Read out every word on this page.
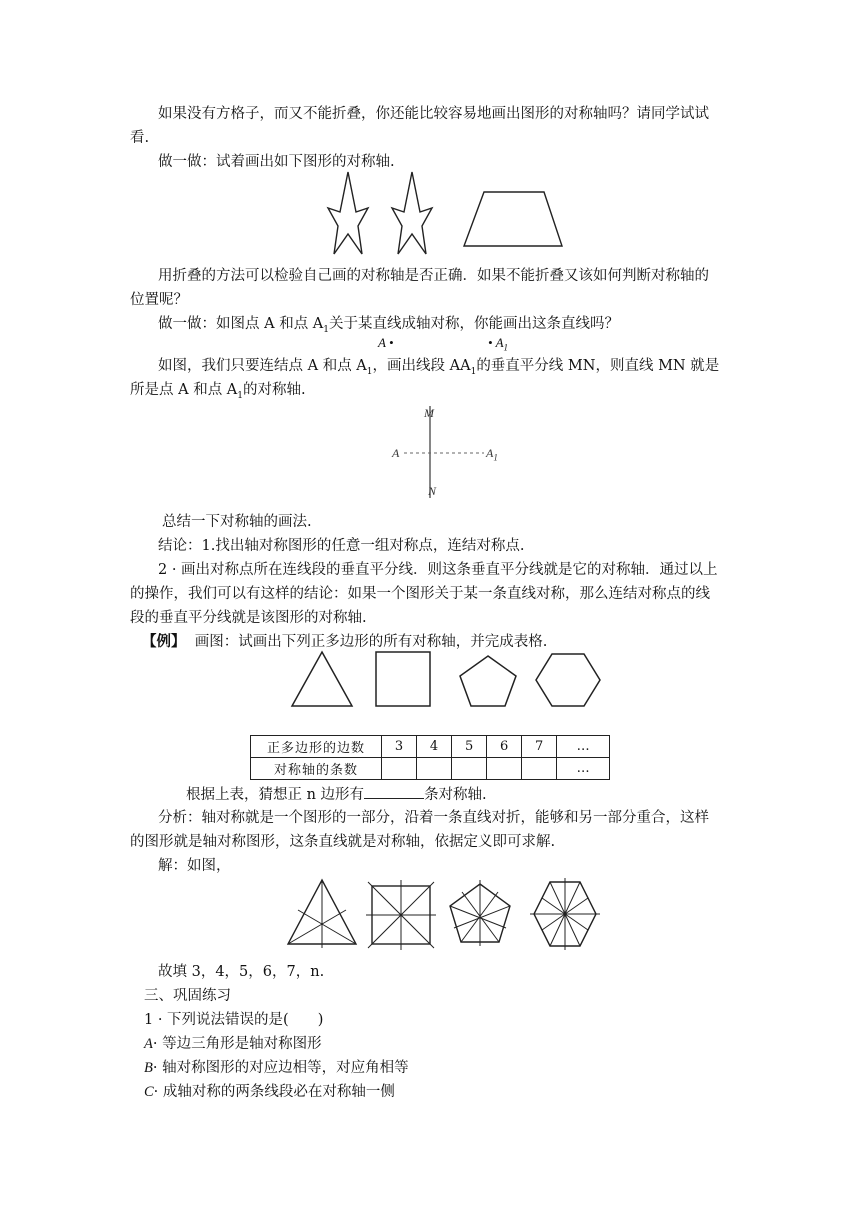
如果没有方格子，而又不能折叠，你还能比较容易地画出图形的对称轴吗？请同学试试
看.
做一做：试着画出如下图形的对称轴.
用折叠的方法可以检验自己画的对称轴是否正确．如果不能折叠又该如何判断对称轴的
位置呢？
做一做：如图点 A 和点 $A_1$关于某直线成轴对称，你能画出这条直线吗？
A •	• $A_1$
如图，我们只要连结点 A 和点 $A_1$，画出线段 $AA_1$的垂直平分线 MN，则直线 MN 就是
所是点 A 和点 $A_1$的对称轴.
M
N
A	$A_1$
总结一下对称轴的画法.
结论：1.找出轴对称图形的任意一组对称点，连结对称点.
2 · 画出对称点所在连线段的垂直平分线．则这条垂直平分线就是它的对称轴．通过以上
的操作，我们可以有这样的结论：如果一个图形关于某一条直线对称，那么连结对称点的线
段的垂直平分线就是该图形的对称轴.
【例】 画图：试画出下列正多边形的所有对称轴，并完成表格.
正多边形的边数	3	4	5	6	7	…
对称轴的条数						…
根据上表，猜想正 n 边形有	条对称轴.
分析：轴对称就是一个图形的一部分，沿着一条直线对折，能够和另一部分重合，这样
的图形就是轴对称图形，这条直线就是对称轴，依据定义即可求解.
解：如图，
故填 3，4，5，6，7，n.
三、巩固练习
1 · 下列说法错误的是(　　)
A· 等边三角形是轴对称图形
B· 轴对称图形的对应边相等，对应角相等
C· 成轴对称的两条线段必在对称轴一侧
